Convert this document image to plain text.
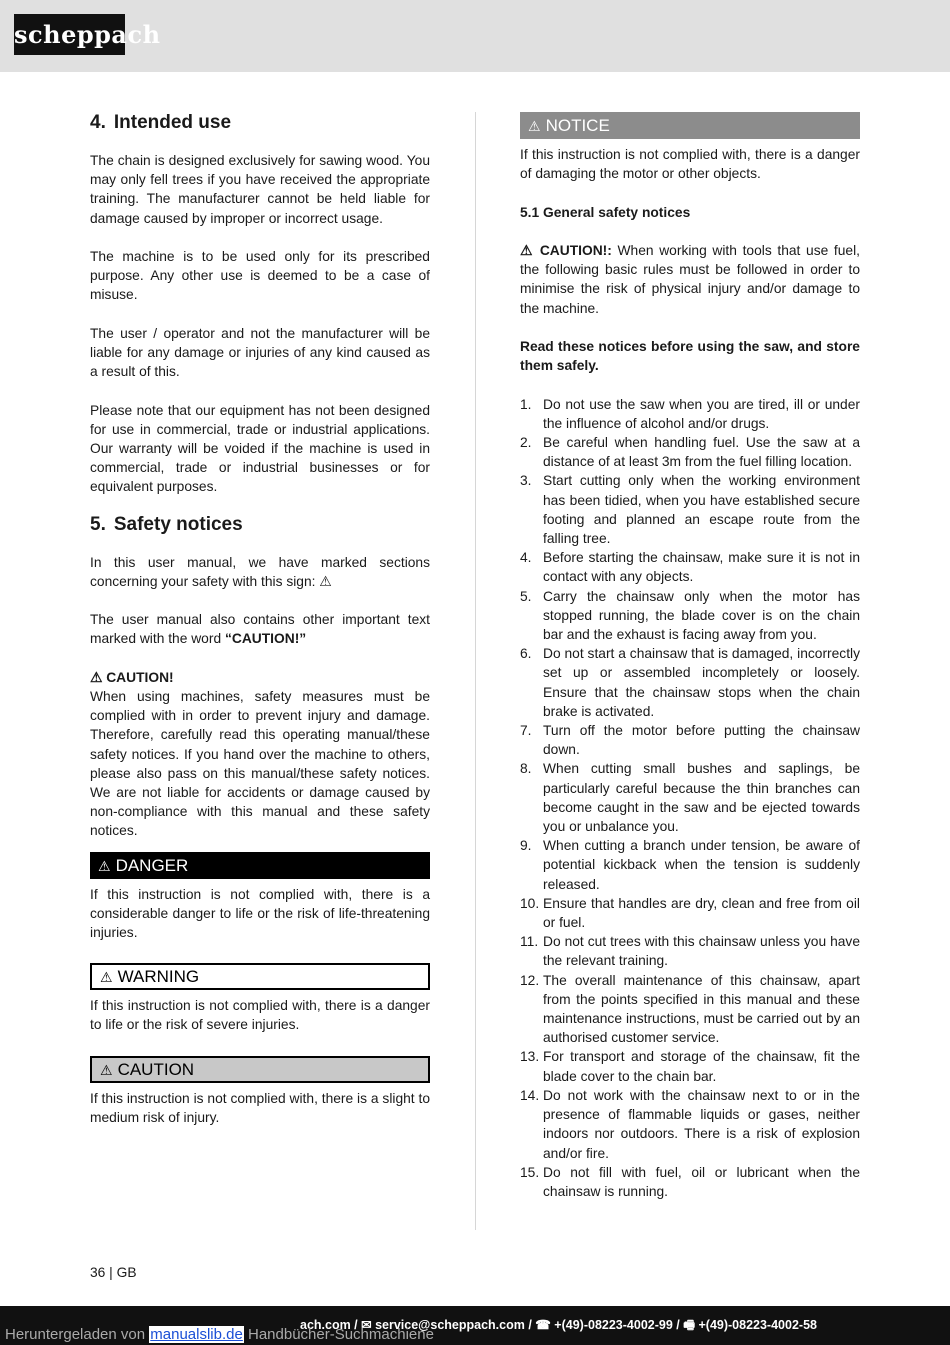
scheppach
4. Intended use

The chain is designed exclusively for sawing wood. You may only fell trees if you have received the appropriate training. The manufacturer cannot be held liable for damage caused by improper or incorrect usage.

The machine is to be used only for its prescribed purpose. Any other use is deemed to be a case of misuse.

The user / operator and not the manufacturer will be liable for any damage or injuries of any kind caused as a result of this.

Please note that our equipment has not been designed for use in commercial, trade or industrial applications. Our warranty will be voided if the machine is used in commercial, trade or industrial businesses or for equivalent purposes.

5. Safety notices

In this user manual, we have marked sections concerning your safety with this sign: ⚠

The user manual also contains other important text marked with the word “CAUTION!”

⚠ CAUTION!

When using machines, safety measures must be complied with in order to prevent injury and damage. Therefore, carefully read this operating manual/these safety notices. If you hand over the machine to others, please also pass on this manual/these safety notices. We are not liable for accidents or damage caused by non-compliance with this manual and these safety notices.

⚠ DANGER

If this instruction is not complied with, there is a considerable danger to life or the risk of life-threatening injuries.

⚠ WARNING

If this instruction is not complied with, there is a danger to life or the risk of severe injuries.

⚠ CAUTION

If this instruction is not complied with, there is a slight to medium risk of injury.

⚠ NOTICE

If this instruction is not complied with, there is a danger of damaging the motor or other objects.

5.1 General safety notices

⚠ CAUTION!: When working with tools that use fuel, the following basic rules must be followed in order to minimise the risk of physical injury and/or damage to the machine.

Read these notices before using the saw, and store them safely.

1. Do not use the saw when you are tired, ill or under the influence of alcohol and/or drugs.
2. Be careful when handling fuel. Use the saw at a distance of at least 3m from the fuel filling location.
3. Start cutting only when the working environment has been tidied, when you have established secure footing and planned an escape route from the falling tree.
4. Before starting the chainsaw, make sure it is not in contact with any objects.
5. Carry the chainsaw only when the motor has stopped running, the blade cover is on the chain bar and the exhaust is facing away from you.
6. Do not start a chainsaw that is damaged, incorrectly set up or assembled incompletely or loosely. Ensure that the chainsaw stops when the chain brake is activated.
7. Turn off the motor before putting the chainsaw down.
8. When cutting small bushes and saplings, be particularly careful because the thin branches can become caught in the saw and be ejected towards you or unbalance you.
9. When cutting a branch under tension, be aware of potential kickback when the tension is suddenly released.
10. Ensure that handles are dry, clean and free from oil or fuel.
11. Do not cut trees with this chainsaw unless you have the relevant training.
12. The overall maintenance of this chainsaw, apart from the points specified in this manual and these maintenance instructions, must be carried out by an authorised customer service.
13. For transport and storage of the chainsaw, fit the blade cover to the chain bar.
14. Do not work with the chainsaw next to or in the presence of flammable liquids or gases, neither indoors nor outdoors. There is a risk of explosion and/or fire.
15. Do not fill with fuel, oil or lubricant when the chainsaw is running.
36 | GB
ach.com / ✉ service@scheppach.com / ☎ +(49)-08223-4002-99 / 🖷 +(49)-08223-4002-58
Heruntergeladen von manualslib.de Handbücher-Suchmachiene
